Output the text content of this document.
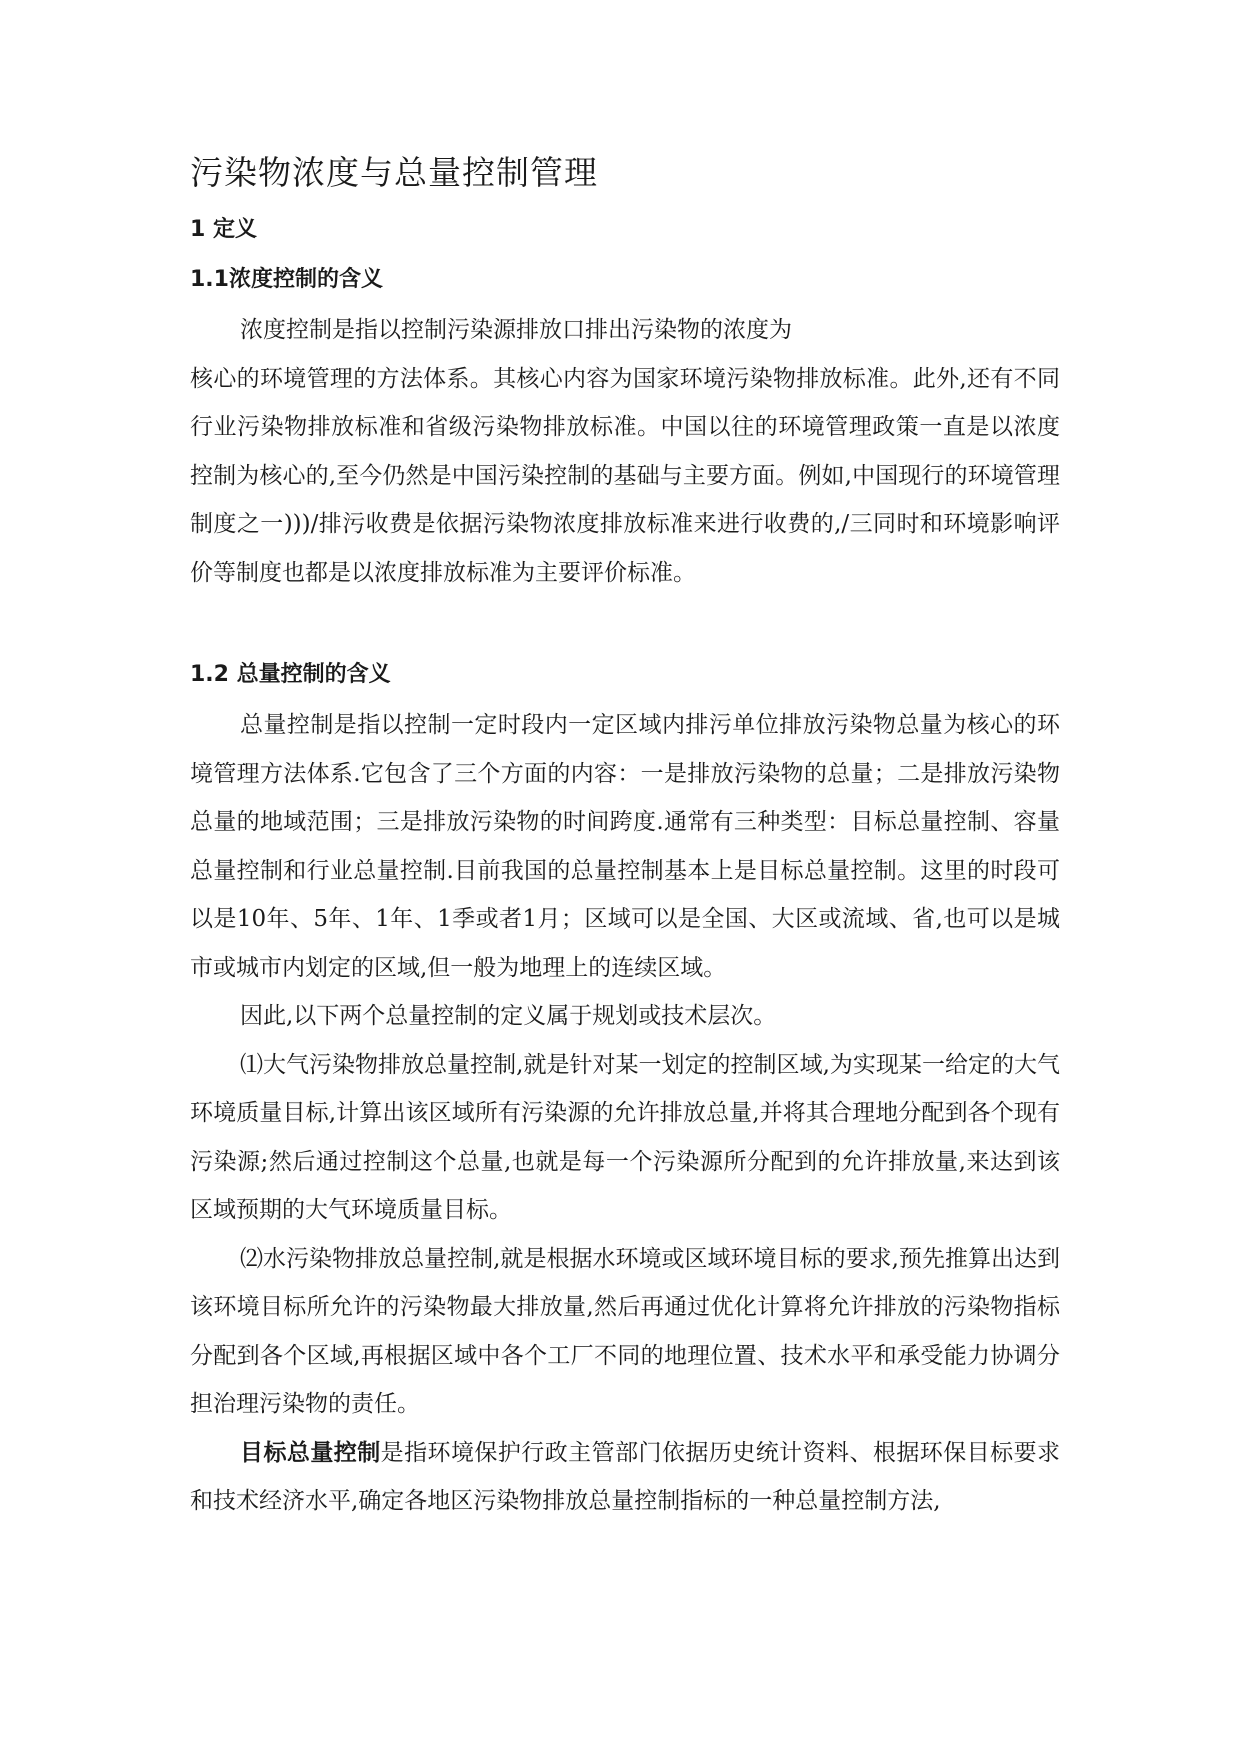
污染物浓度与总量控制管理
1 定义
1.1浓度控制的含义

浓度控制是指以控制污染源排放口排出污染物的浓度为
核心的环境管理的方法体系。其核心内容为国家环境污染物排放标准。此外,还有不同行业污染物排放标准和省级污染物排放标准。中国以往的环境管理政策一直是以浓度控制为核心的,至今仍然是中国污染控制的基础与主要方面。例如,中国现行的环境管理制度之一)))/排污收费是依据污染物浓度排放标准来进行收费的,/三同时和环境影响评价等制度也都是以浓度排放标准为主要评价标准。

1.2 总量控制的含义

总量控制是指以控制一定时段内一定区域内排污单位排放污染物总量为核心的环境管理方法体系.它包含了三个方面的内容：一是排放污染物的总量；二是排放污染物总量的地域范围；三是排放污染物的时间跨度.通常有三种类型：目标总量控制、容量总量控制和行业总量控制.目前我国的总量控制基本上是目标总量控制。这里的时段可以是10年、5年、1年、1季或者1月；区域可以是全国、大区或流域、省,也可以是城市或城市内划定的区域,但一般为地理上的连续区域。

因此,以下两个总量控制的定义属于规划或技术层次。

⑴大气污染物排放总量控制,就是针对某一划定的控制区域,为实现某一给定的大气环境质量目标,计算出该区域所有污染源的允许排放总量,并将其合理地分配到各个现有污染源;然后通过控制这个总量,也就是每一个污染源所分配到的允许排放量,来达到该区域预期的大气环境质量目标。

⑵水污染物排放总量控制,就是根据水环境或区域环境目标的要求,预先推算出达到该环境目标所允许的污染物最大排放量,然后再通过优化计算将允许排放的污染物指标分配到各个区域,再根据区域中各个工厂不同的地理位置、技术水平和承受能力协调分担治理污染物的责任。

目标总量控制是指环境保护行政主管部门依据历史统计资料、根据环保目标要求和技术经济水平,确定各地区污染物排放总量控制指标的一种总量控制方法,
